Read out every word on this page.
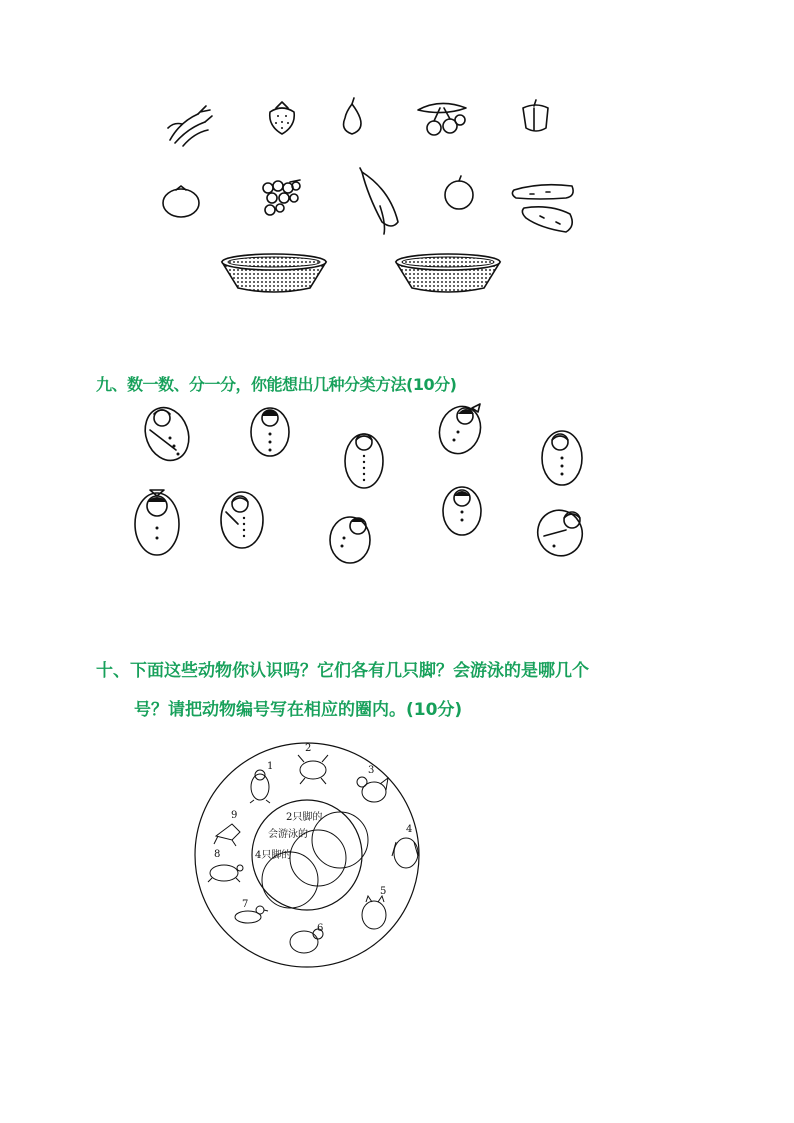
2只脚的
会游泳的
4只脚的
1
2
3
4
5
6
7
8
9
九、数一数、分一分，你能想出几种分类方法(10分)
十、下面这些动物你认识吗？它们各有几只脚？会游泳的是哪几个
号？请把动物编号写在相应的圈内。(10分)
